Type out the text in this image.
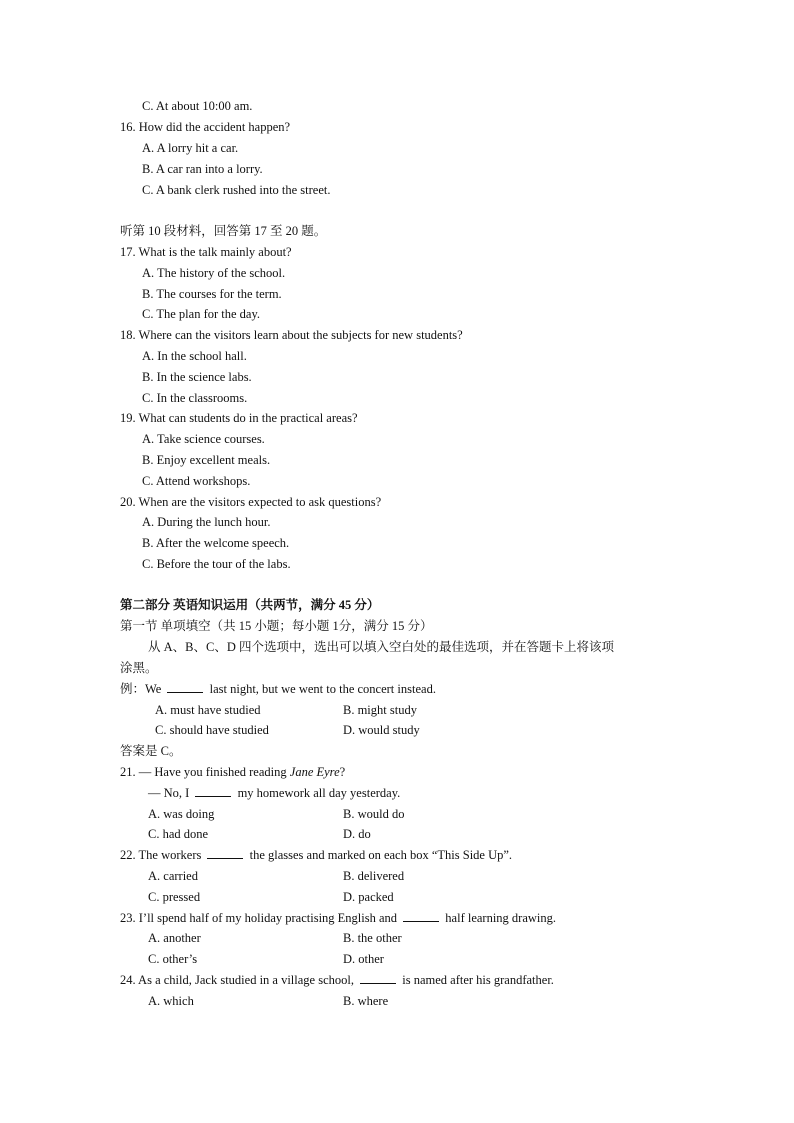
C. At about 10:00 am.
16. How did the accident happen?
A. A lorry hit a car.
B. A car ran into a lorry.
C. A bank clerk rushed into the street.
听第 10 段材料，回答第 17 至 20 题。
17. What is the talk mainly about?
A. The history of the school.
B. The courses for the term.
C. The plan for the day.
18. Where can the visitors learn about the subjects for new students?
A. In the school hall.
B. In the science labs.
C. In the classrooms.
19. What can students do in the practical areas?
A. Take science courses.
B. Enjoy excellent meals.
C. Attend workshops.
20. When are the visitors expected to ask questions?
A. During the lunch hour.
B. After the welcome speech.
C. Before the tour of the labs.
第二部分 英语知识运用（共两节，满分 45 分）
第一节 单项填空（共 15 小题；每小题 1分，满分 15 分）
从 A、B、C、D 四个选项中，选出可以填入空白处的最佳选项，并在答题卡上将该项
涂黑。
例：We	last night, but we went to the concert instead.
A. must have studied	B. might study
C. should have studied	D. would study
答案是 C。
21. — Have you finished reading Jane Eyre?
— No, I	my homework all day yesterday.
A. was doing	B. would do
C. had done	D. do
22. The workers	the glasses and marked on each box “This Side Up”.
A. carried	B. delivered
C. pressed	D. packed
23. I’ll spend half of my holiday practising English and	half learning drawing.
A. another	B. the other
C. other’s	D. other
24. As a child, Jack studied in a village school,	is named after his grandfather.
A. which	B. where
